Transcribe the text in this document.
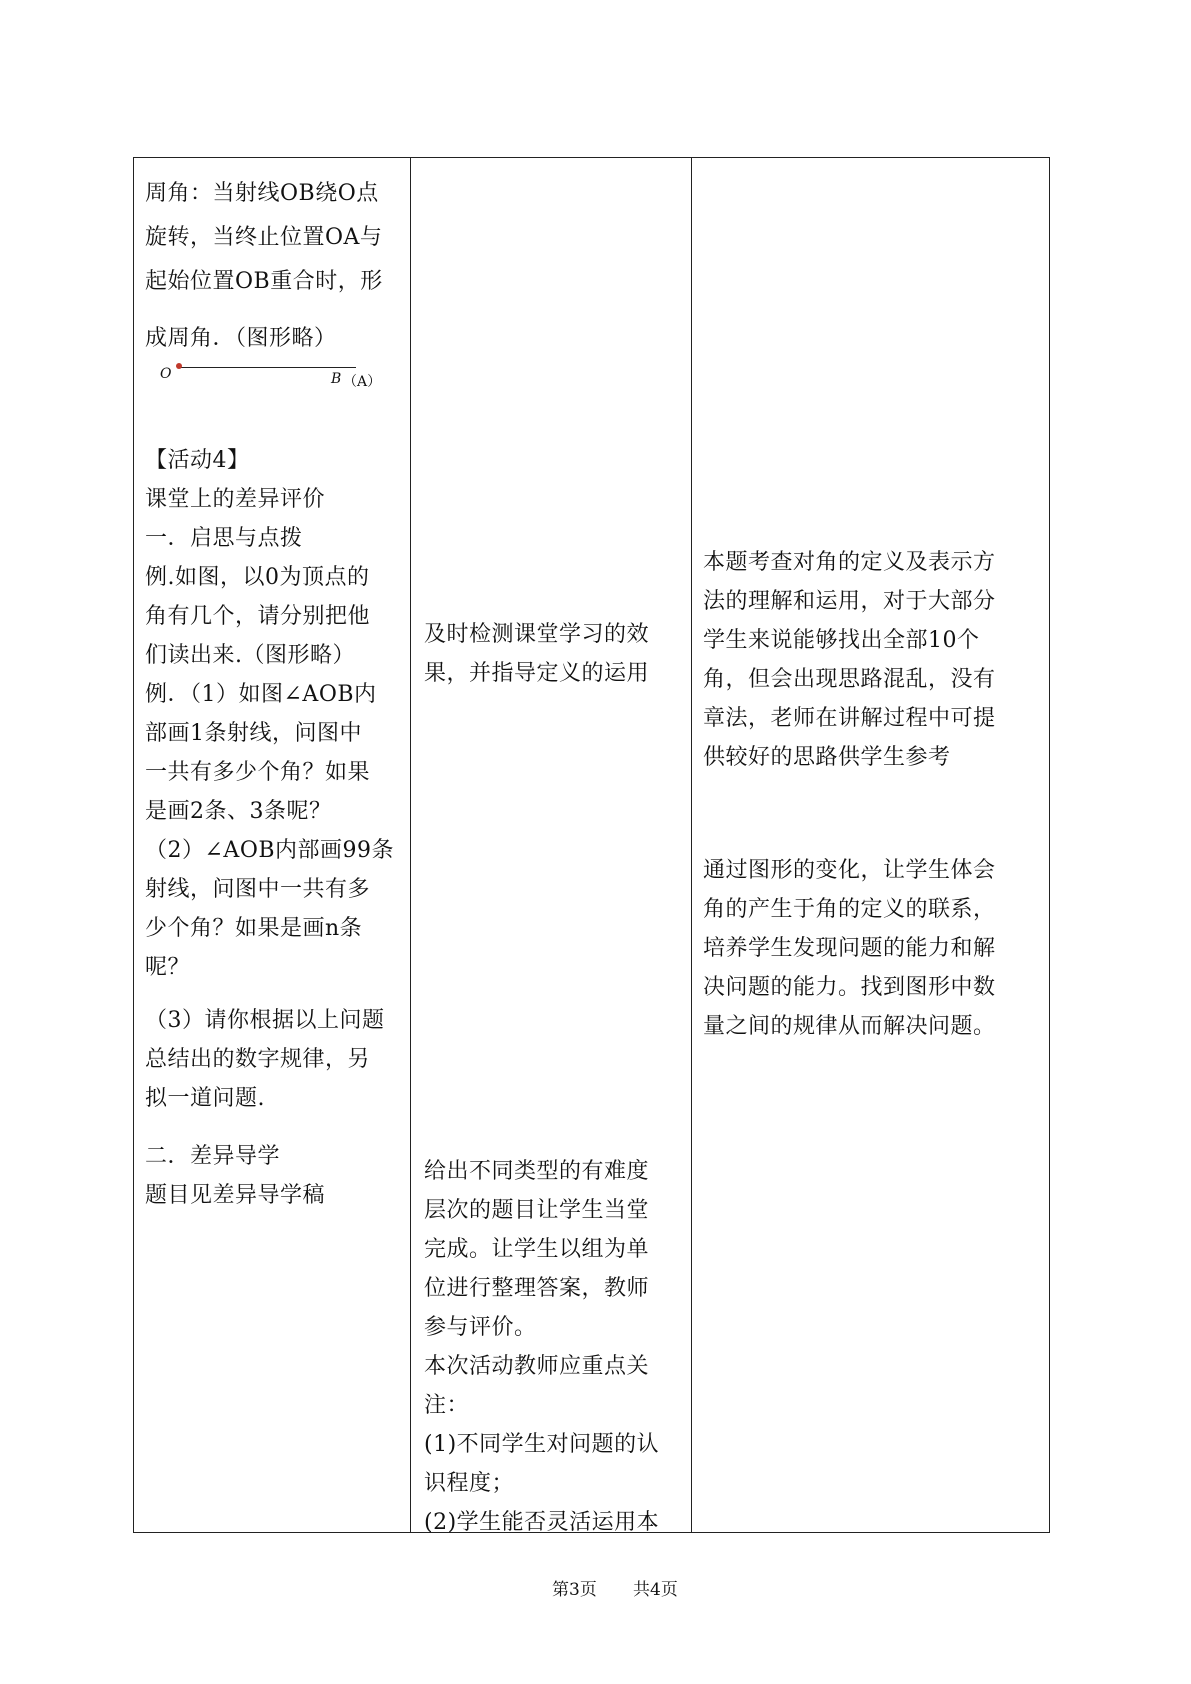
周角：当射线OB绕O点
旋转，当终止位置OA与
起始位置OB重合时，形
成周角．（图形略）
O	B （A）
【活动4】
课堂上的差异评价
一．启思与点拨
例.如图，以0为顶点的
角有几个，请分别把他
们读出来.（图形略）
例．（1）如图∠AOB内
部画1条射线，问图中
一共有多少个角？如果
是画2条、3条呢？
（2）∠AOB内部画99条
射线，问图中一共有多
少个角？如果是画n条
呢？
（3）请你根据以上问题
总结出的数字规律，另
拟一道问题.
二．差异导学
题目见差异导学稿
及时检测课堂学习的效
果，并指导定义的运用
给出不同类型的有难度
层次的题目让学生当堂
完成。让学生以组为单
位进行整理答案，教师
参与评价。
本次活动教师应重点关
注：
(1)不同学生对问题的认
识程度；
(2)学生能否灵活运用本
本题考查对角的定义及表示方
法的理解和运用，对于大部分
学生来说能够找出全部10个
角，但会出现思路混乱，没有
章法，老师在讲解过程中可提
供较好的思路供学生参考
通过图形的变化，让学生体会
角的产生于角的定义的联系，
培养学生发现问题的能力和解
决问题的能力。找到图形中数
量之间的规律从而解决问题。
第3页 共4页
